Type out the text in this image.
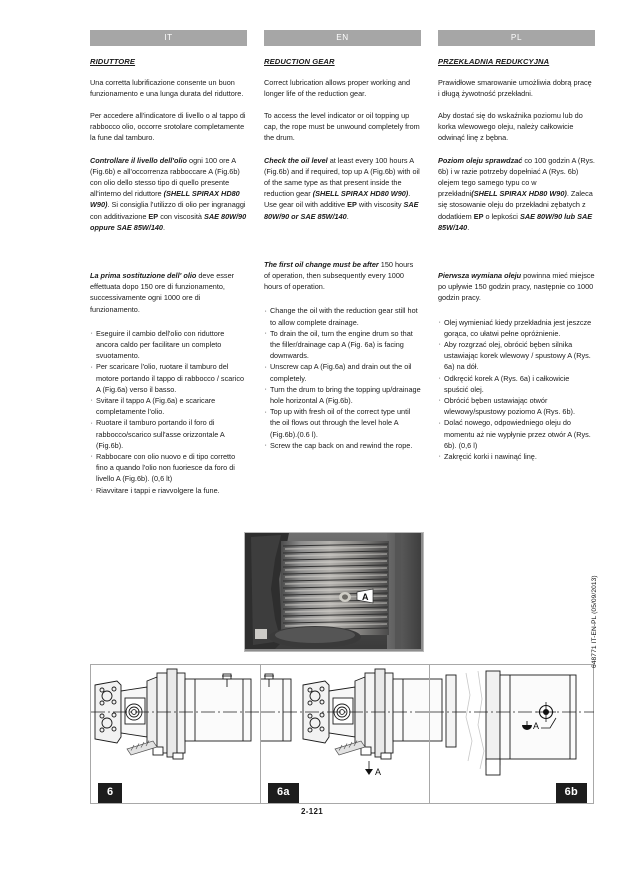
IT
RIDUTTORE
Una corretta lubrificazione consente un buon funzionamento e una lunga durata del riduttore.
Per accedere all'indicatore di livello o al tappo di rabbocco olio, occorre srotolare completamente la fune dal tamburo.
Controllare il livello dell'olio ogni 100 ore A (Fig.6b) e all'occorrenza rabboccare A (Fig.6b) con olio dello stesso tipo di quello presente all'interno del riduttore (SHELL SPIRAX HD80 W90). Si consiglia l'utilizzo di olio per ingranaggi con additivazione EP con viscosità SAE 80W/90 oppure SAE 85W/140.
La prima sostituzione dell' olio deve esser effettuata dopo 150 ore di funzionamento, successivamente ogni 1000 ore di funzionamento.
· Eseguire il cambio dell'olio con riduttore ancora caldo per facilitare un completo svuotamento.
· Per scaricare l'olio, ruotare il tamburo del motore portando il tappo di rabbocco / scarico A (Fig.6a) verso il basso.
· Svitare il tappo A (Fig.6a) e scaricare completamente l'olio.
· Ruotare il tamburo portando il foro di rabbocco/scarico sull'asse orizzontale A (Fig.6b).
· Rabbocare con olio nuovo e di tipo corretto fino a quando l'olio non fuoriesce da foro di livello A (Fig.6b). (0,6 lt)
· Riavvitare i tappi e riavvolgere la fune.
EN
REDUCTION GEAR
Correct lubrication allows proper working and longer life of the reduction gear.
To access the level indicator or oil topping up cap, the rope must be unwound completely from the drum.
Check the oil level at least every 100 hours A (Fig.6b) and if required, top up A (Fig.6b) with oil of the same type as that present inside the reduction gear (SHELL SPIRAX HD80 W90). Use gear oil with additive EP with viscosity SAE 80W/90 or SAE 85W/140.
The first oil change must be after 150 hours of operation, then subsequently every 1000 hours of operation.
· Change the oil with the reduction gear still hot to allow complete drainage.
· To drain the oil, turn the engine drum so that the filler/drainage cap A (Fig. 6a) is facing downwards.
· Unscrew cap A (Fig.6a) and drain out the oil completely.
· Turn the drum to bring the topping up/drainage hole horizontal A (Fig.6b).
· Top up with fresh oil of the correct type until the oil flows out through the level hole A (Fig.6b).(0.6 l).
· Screw the cap back on and rewind the rope.
PL
PRZEKŁADNIA REDUKCYJNA
Prawidłowe smarowanie umożliwia dobrą pracę i długą żywotność przekładni.
Aby dostać się do wskaźnika poziomu lub do korka wlewowego oleju, należy całkowicie odwinąć linę z bębna.
Poziom oleju sprawdzać co 100 godzin A (Rys. 6b) i w razie potrzeby dopełniać A (Rys. 6b) olejem tego samego typu co w przekładni(SHELL SPIRAX HD80 W90). Zaleca się stosowanie oleju do przekładni zębatych z dodatkiem EP o lepkości SAE 80W/90 lub SAE 85W/140.
Pierwsza wymiana oleju powinna mieć miejsce po upływie 150 godzin pracy, następnie co 1000 godzin pracy.
· Olej wymieniać kiedy przekładnia jest jeszcze gorąca, co ułatwi pełne opróżnienie.
· Aby rozgrzać olej, obrócić bęben silnika ustawiając korek wlewowy / spustowy A (Rys. 6a) na dół.
· Odkręcić korek A (Rys. 6a) i całkowicie spuścić olej.
· Obrócić bęben ustawiając otwór wlewowy/spustowy poziomo A (Rys. 6b).
· Dolać nowego, odpowiedniego oleju do momentu aż nie wypłynie przez otwór A (Rys. 6b). (0,6 l)
· Zakręcić korki i nawinąć linę.
A
6
A
6a
A
6b
648771 IT-EN-PL (05/09/2013)
2-121
